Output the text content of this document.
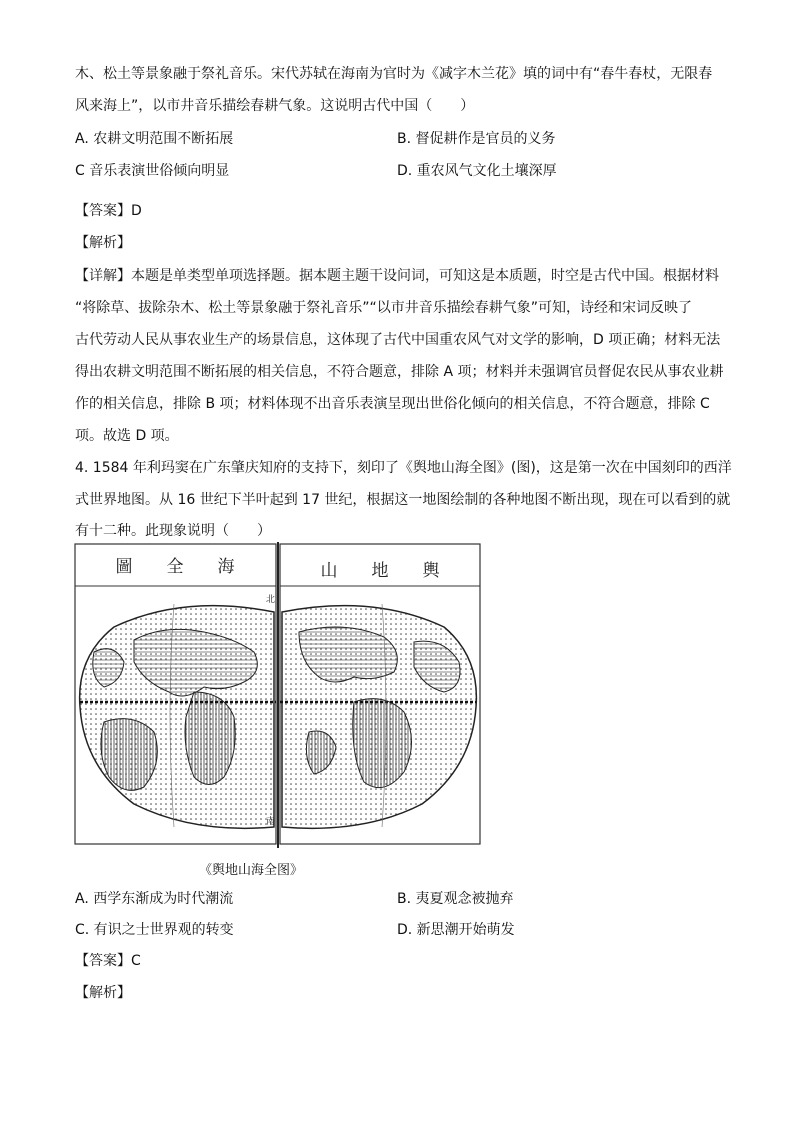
木、松土等景象融于祭礼音乐。宋代苏轼在海南为官时为《减字木兰花》填的词中有“春牛春杖，无限春
风来海上”，以市井音乐描绘春耕气象。这说明古代中国（　　）
A. 农耕文明范围不断拓展	B. 督促耕作是官员的义务
C 音乐表演世俗倾向明显	D. 重农风气文化土壤深厚
【答案】D
【解析】
【详解】本题是单类型单项选择题。据本题主题干设问词，可知这是本质题，时空是古代中国。根据材料
“将除草、拔除杂木、松土等景象融于祭礼音乐”“以市井音乐描绘春耕气象”可知，诗经和宋词反映了
古代劳动人民从事农业生产的场景信息，这体现了古代中国重农风气对文学的影响，D 项正确；材料无法
得出农耕文明范围不断拓展的相关信息，不符合题意，排除 A 项；材料并未强调官员督促农民从事农业耕
作的相关信息，排除 B 项；材料体现不出音乐表演呈现出世俗化倾向的相关信息，不符合题意，排除 C
项。故选 D 项。
4. 1584 年利玛窦在广东肇庆知府的支持下，刻印了《舆地山海全图》(图)，这是第一次在中国刻印的西洋
式世界地图。从 16 世纪下半叶起到 17 世纪，根据这一地图绘制的各种地图不断出现，现在可以看到的就
有十二种。此现象说明（　　）
圖　　全　　海	山　　地　　輿
北
南
《舆地山海全图》
A. 西学东渐成为时代潮流	B. 夷夏观念被抛弃
C. 有识之士世界观的转变	D. 新思潮开始萌发
【答案】C
【解析】
